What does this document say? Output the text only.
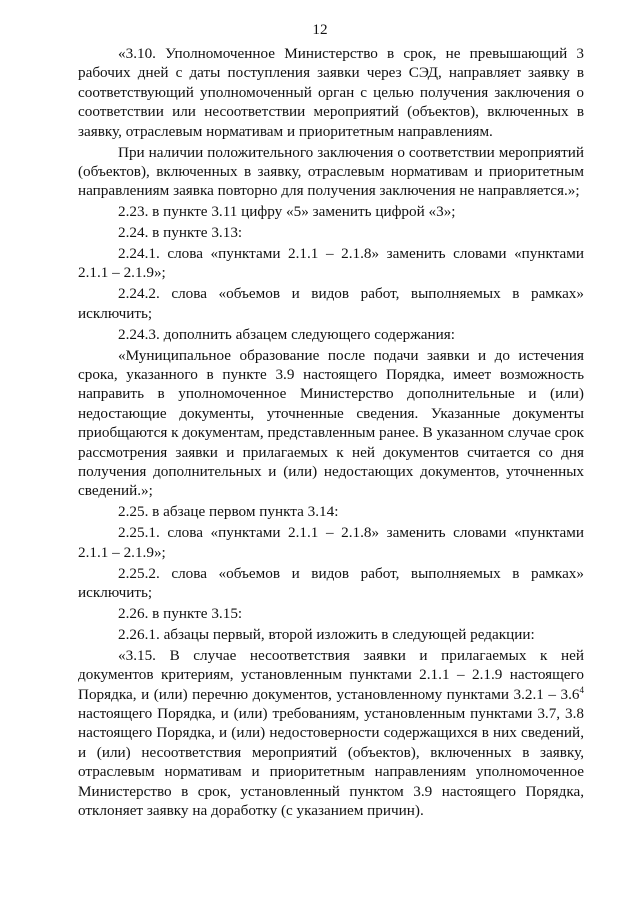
12

«3.10. Уполномоченное Министерство в срок, не превышающий 3 рабочих дней с даты поступления заявки через СЭД, направляет заявку в соответствующий уполномоченный орган с целью получения заключения о соответствии или несоответствии мероприятий (объектов), включенных в заявку, отраслевым нормативам и приоритетным направлениям.

При наличии положительного заключения о соответствии мероприятий (объектов), включенных в заявку, отраслевым нормативам и приоритетным направлениям заявка повторно для получения заключения не направляется.»;

2.23. в пункте 3.11 цифру «5» заменить цифрой «3»;

2.24. в пункте 3.13:

2.24.1. слова «пунктами 2.1.1 – 2.1.8» заменить словами «пунктами 2.1.1 – 2.1.9»;

2.24.2. слова «объемов и видов работ, выполняемых в рамках» исключить;

2.24.3. дополнить абзацем следующего содержания:

«Муниципальное образование после подачи заявки и до истечения срока, указанного в пункте 3.9 настоящего Порядка, имеет возможность направить в уполномоченное Министерство дополнительные и (или) недостающие документы, уточненные сведения. Указанные документы приобщаются к документам, представленным ранее. В указанном случае срок рассмотрения заявки и прилагаемых к ней документов считается со дня получения дополнительных и (или) недостающих документов, уточненных сведений.»;

2.25. в абзаце первом пункта 3.14:

2.25.1. слова «пунктами 2.1.1 – 2.1.8» заменить словами «пунктами 2.1.1 – 2.1.9»;

2.25.2. слова «объемов и видов работ, выполняемых в рамках» исключить;

2.26. в пункте 3.15:

2.26.1. абзацы первый, второй изложить в следующей редакции:

«3.15. В случае несоответствия заявки и прилагаемых к ней документов критериям, установленным пунктами 2.1.1 – 2.1.9 настоящего Порядка, и (или) перечню документов, установленному пунктами $3.2.1 - 3.6^4$ настоящего Порядка, и (или) требованиям, установленным пунктами 3.7, 3.8 настоящего Порядка, и (или) недостоверности содержащихся в них сведений, и (или) несоответствия мероприятий (объектов), включенных в заявку, отраслевым нормативам и приоритетным направлениям уполномоченное Министерство в срок, установленный пунктом 3.9 настоящего Порядка, отклоняет заявку на доработку (с указанием причин).
